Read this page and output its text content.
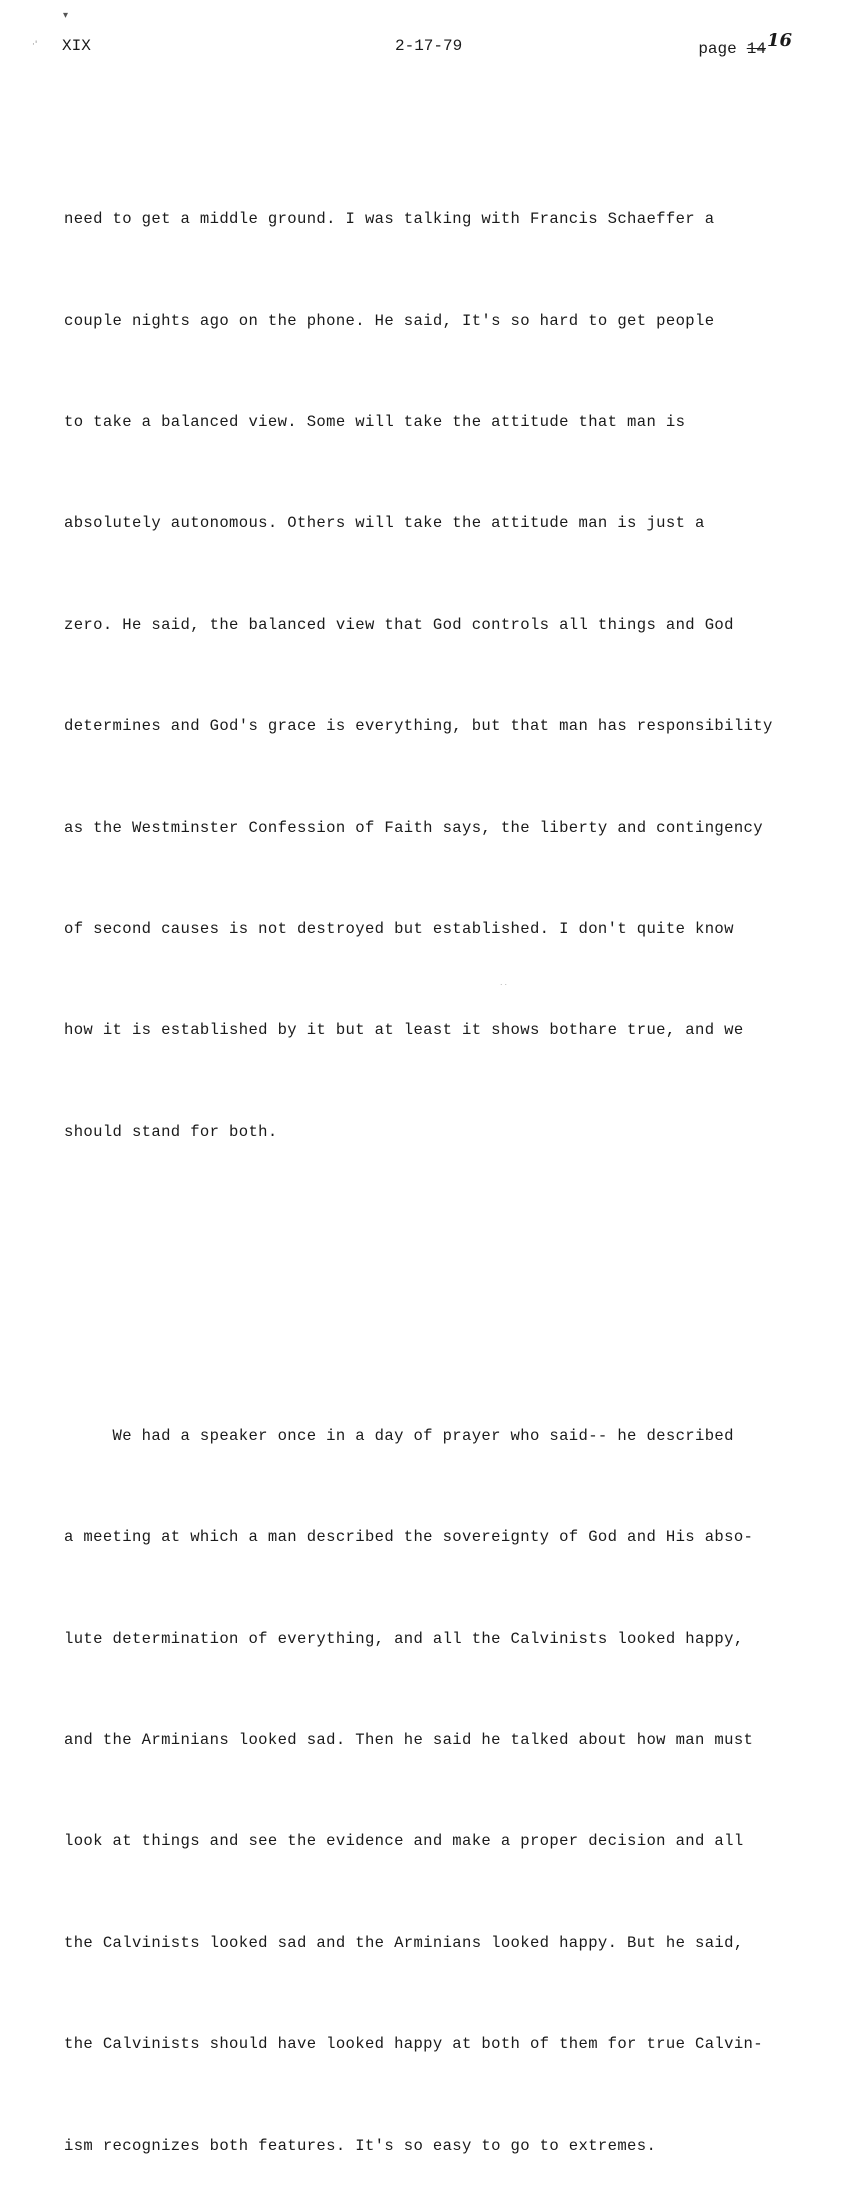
▾
·' XIX	2-17-79	page 1416

need to get a middle ground. I was talking with Francis Schaeffer a

couple nights ago on the phone. He said, It's so hard to get people

to take a balanced view. Some will take the attitude that man is

absolutely autonomous. Others will take the attitude man is just a

zero. He said, the balanced view that God controls all things and God

determines and God's grace is everything, but that man has responsibility

as the Westminster Confession of Faith says, the liberty and contingency

of second causes is not destroyed but established. I don't quite know

how it is established by it but at least it shows bothare true, and we

should stand for both.

We had a speaker once in a day of prayer who said-- he described

a meeting at which a man described the sovereignty of God and His abso-

lute determination of everything, and all the Calvinists looked happy,

and the Arminians looked sad. Then he said he talked about how man must

look at things and see the evidence and make a proper decision and all

the Calvinists looked sad and the Arminians looked happy. But he said,

the Calvinists should have looked happy at both of them for true Calvin-

ism recognizes both features. It's so easy to go to extremes.

˙˙
